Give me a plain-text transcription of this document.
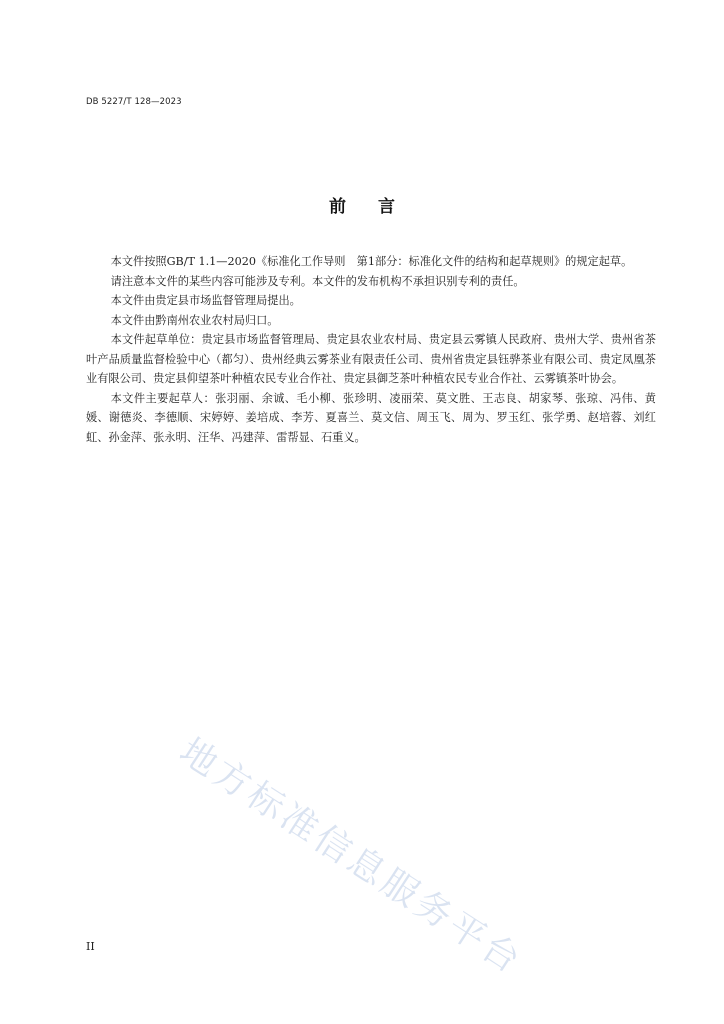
DB 5227/T 128—2023
前 言

本文件按照GB/T 1.1—2020《标准化工作导则　第1部分：标准化文件的结构和起草规则》的规定起草。

请注意本文件的某些内容可能涉及专利。本文件的发布机构不承担识别专利的责任。

本文件由贵定县市场监督管理局提出。

本文件由黔南州农业农村局归口。

本文件起草单位：贵定县市场监督管理局、贵定县农业农村局、贵定县云雾镇人民政府、贵州大学、贵州省茶叶产品质量监督检验中心（都匀）、贵州经典云雾茶业有限责任公司、贵州省贵定县钰骅茶业有限公司、贵定凤凰茶业有限公司、贵定县仰望茶叶种植农民专业合作社、贵定县御芝茶叶种植农民专业合作社、云雾镇茶叶协会。

本文件主要起草人：张羽丽、余诚、毛小柳、张珍明、凌丽荣、莫文胜、王志良、胡家琴、张琼、冯伟、黄媛、谢德炎、李德顺、宋婷婷、姜培成、李芳、夏喜兰、莫文信、周玉飞、周为、罗玉红、张学勇、赵培蓉、刘红虹、孙金萍、张永明、汪华、冯建萍、雷帮显、石重义。

地方标准信息服务平台
II
